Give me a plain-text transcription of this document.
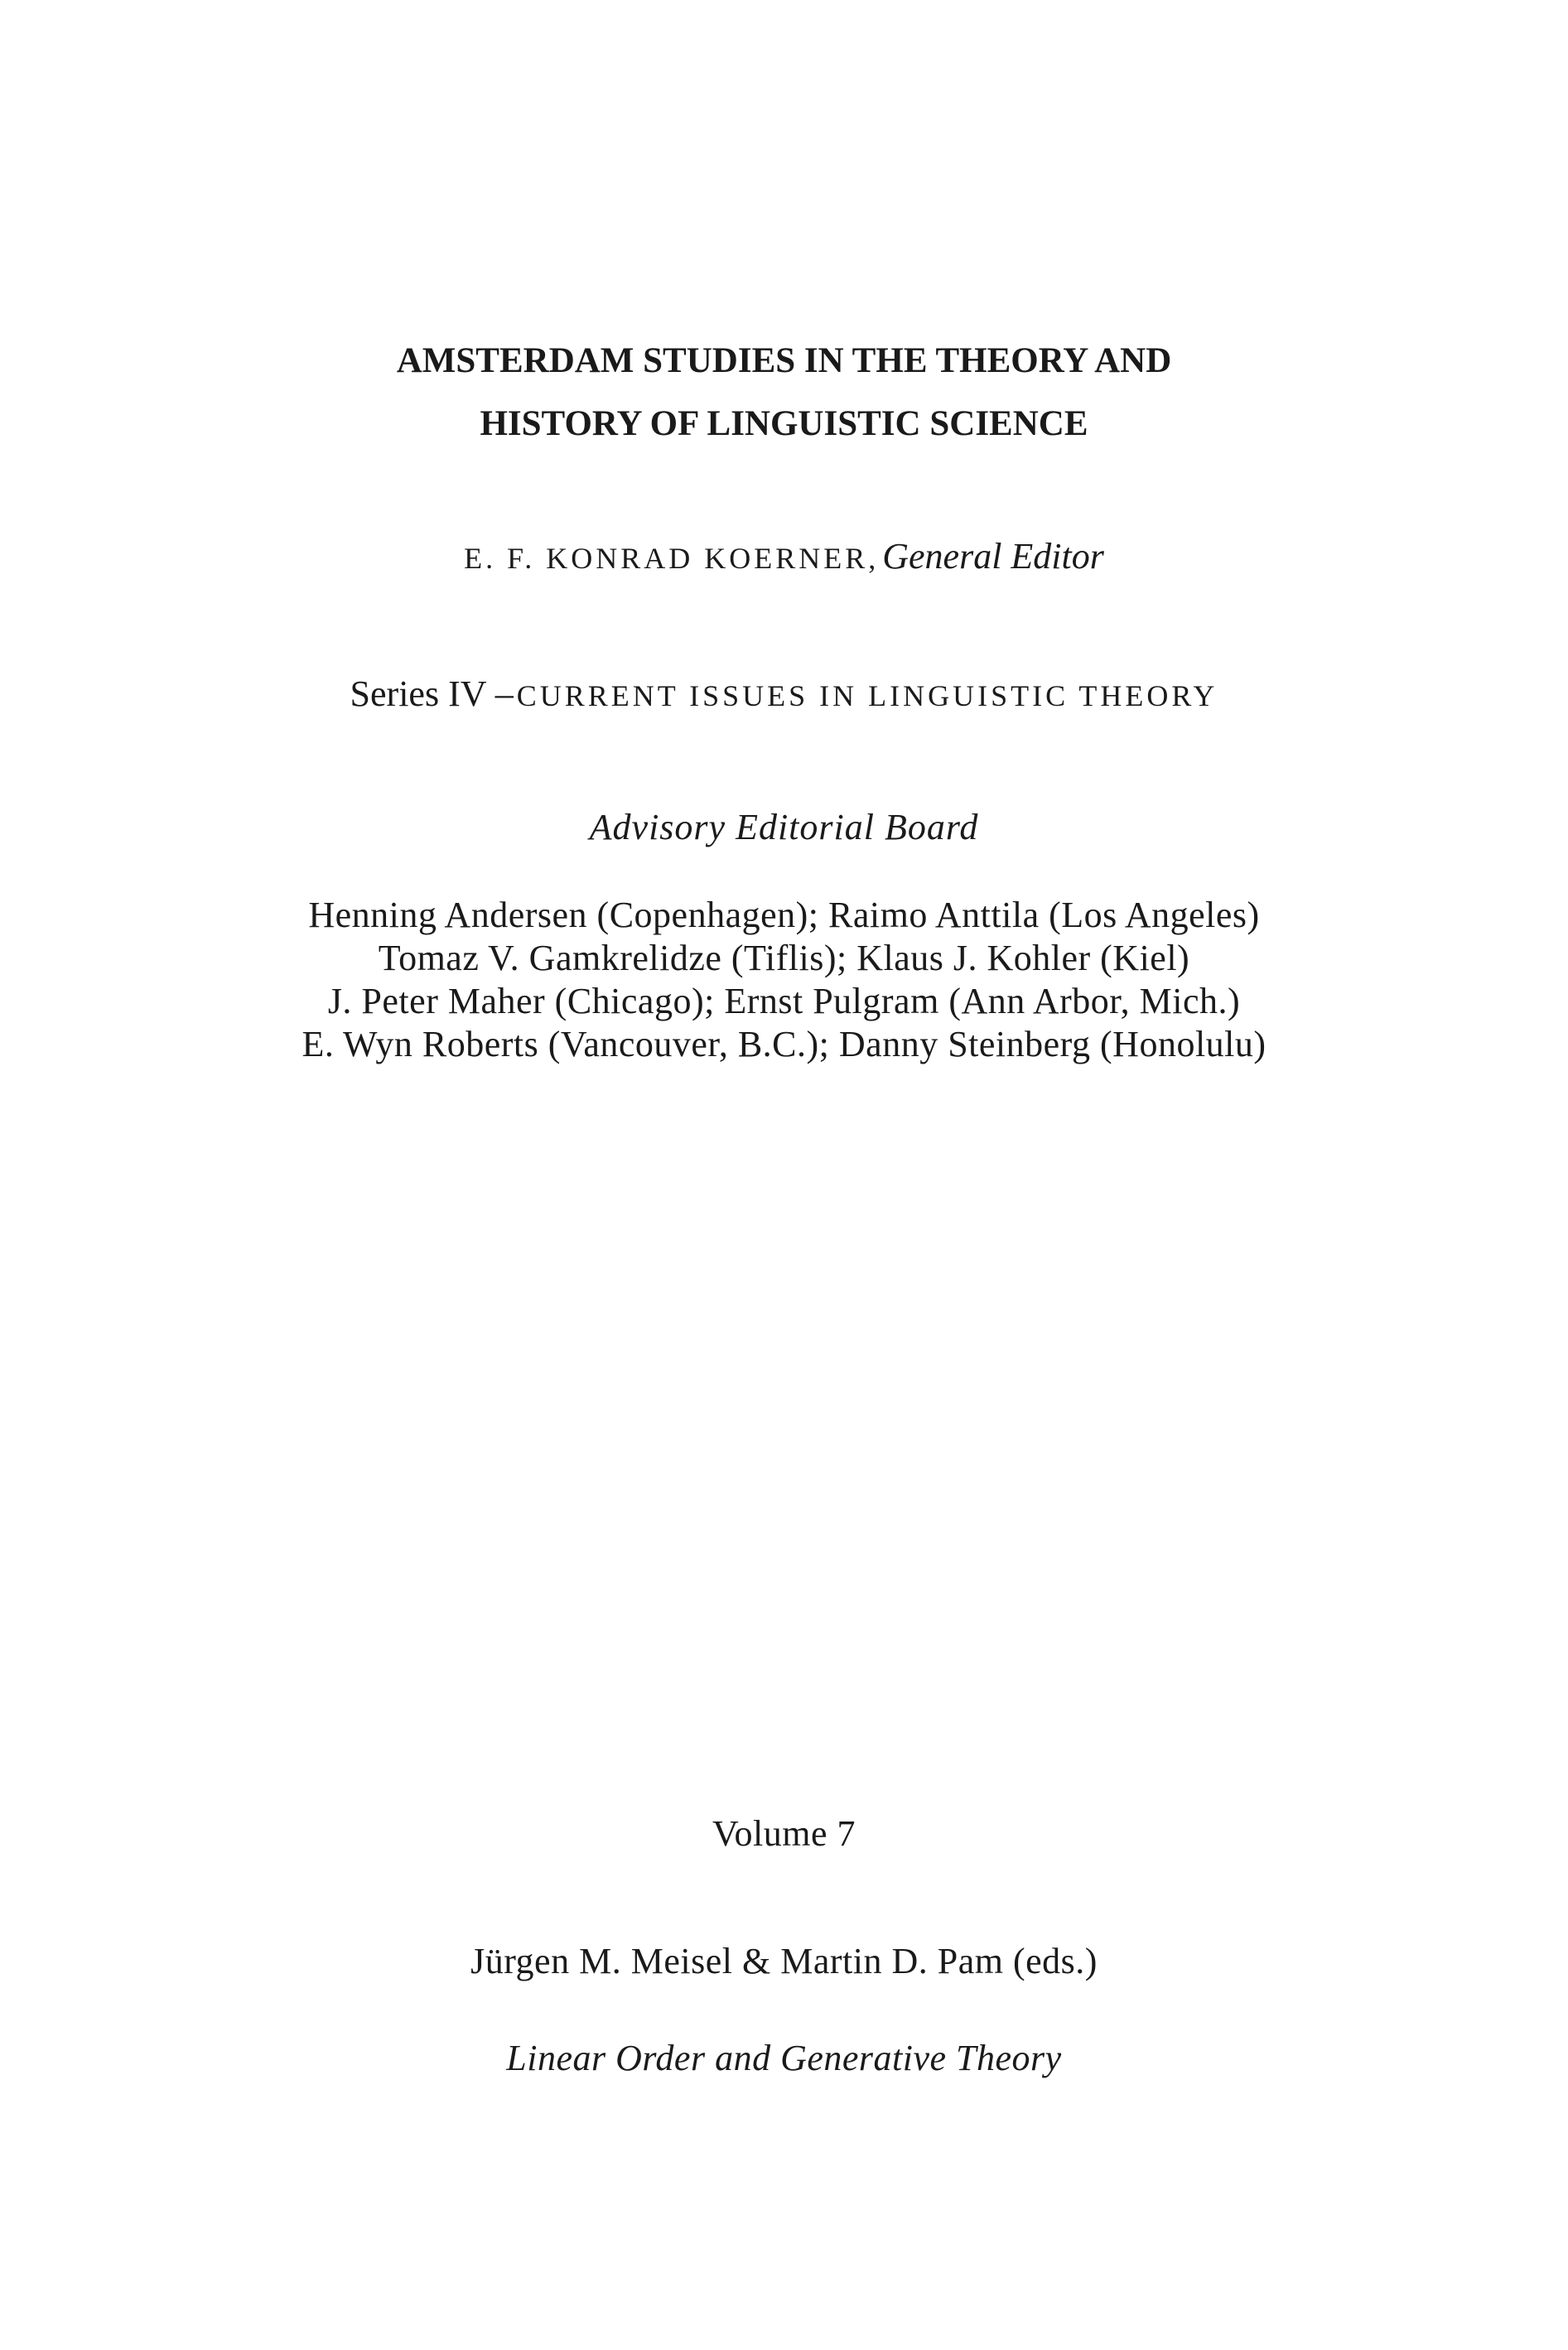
AMSTERDAM STUDIES IN THE THEORY AND
HISTORY OF LINGUISTIC SCIENCE
E. F. KONRAD KOERNER, General Editor
Series IV – CURRENT ISSUES IN LINGUISTIC THEORY
Advisory Editorial Board
Henning Andersen (Copenhagen); Raimo Anttila (Los Angeles)
Tomaz V. Gamkrelidze (Tiflis); Klaus J. Kohler (Kiel)
J. Peter Maher (Chicago); Ernst Pulgram (Ann Arbor, Mich.)
E. Wyn Roberts (Vancouver, B.C.); Danny Steinberg (Honolulu)
Volume 7
Jürgen M. Meisel & Martin D. Pam (eds.)
Linear Order and Generative Theory
